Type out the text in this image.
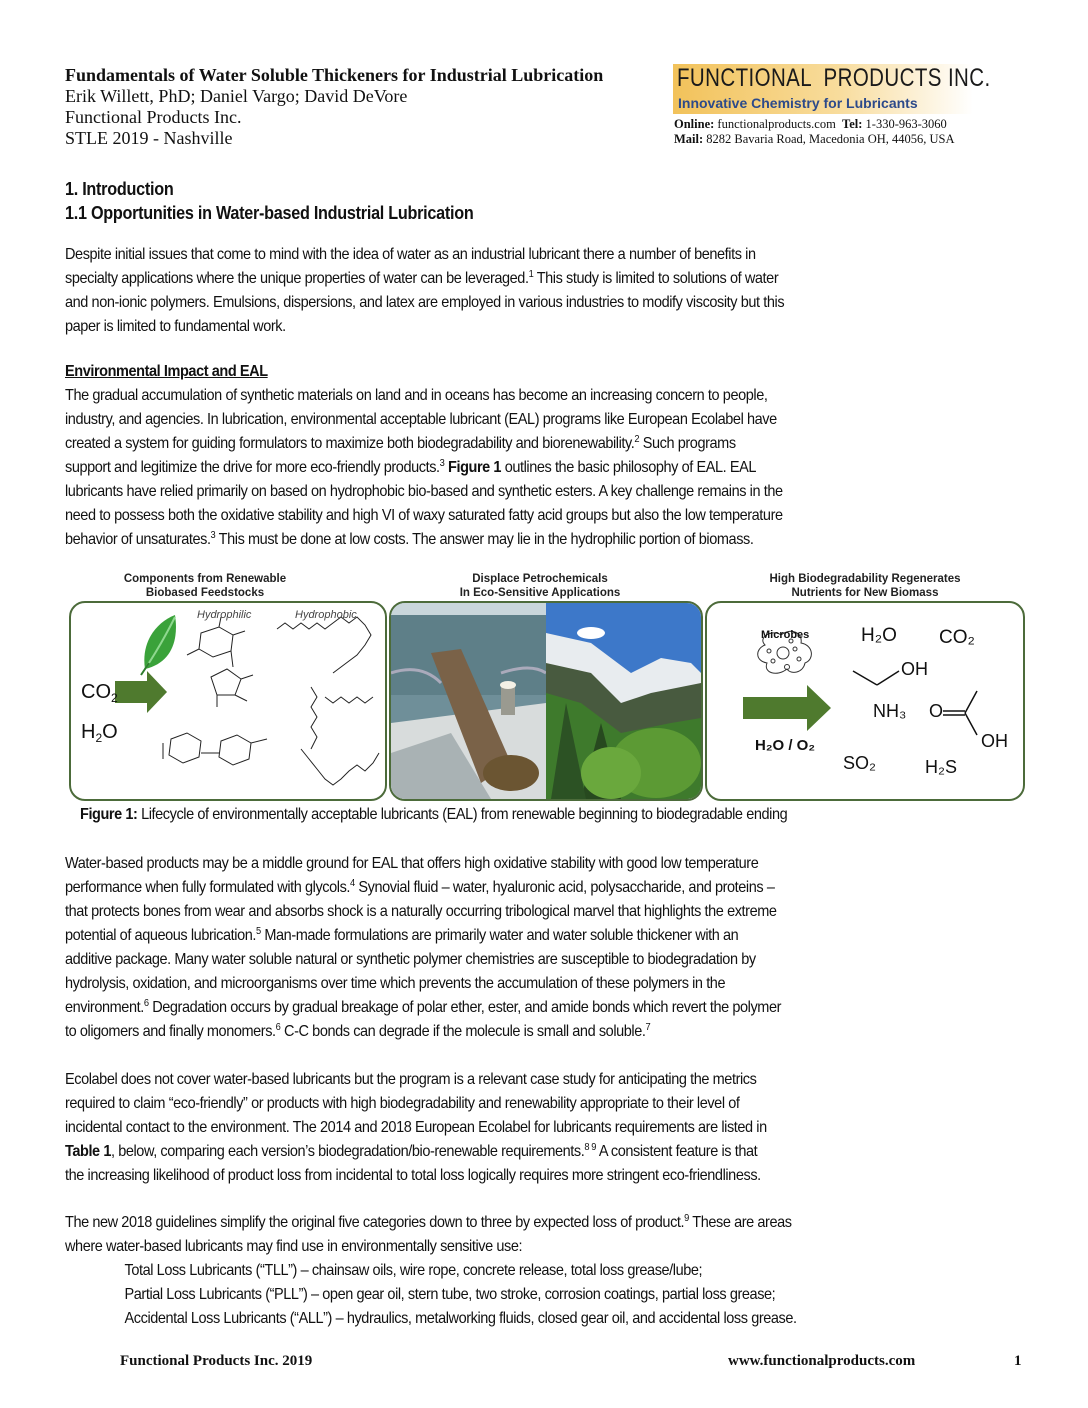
Fundamentals of Water Soluble Thickeners for Industrial Lubrication
Erik Willett, PhD; Daniel Vargo; David DeVore
Functional Products Inc.
STLE 2019 - Nashville
FUNCTIONAL  PRODUCTS INC.
Innovative Chemistry for Lubricants
Online: functionalproducts.com Tel: 1-330-963-3060
Mail: 8282 Bavaria Road, Macedonia OH, 44056, USA
1. Introduction
1.1 Opportunities in Water-based Industrial Lubrication
Despite initial issues that come to mind with the idea of water as an industrial lubricant there a number of benefits in
specialty applications where the unique properties of water can be leveraged.$^1$ This study is limited to solutions of water
and non-ionic polymers. Emulsions, dispersions, and latex are employed in various industries to modify viscosity but this
paper is limited to fundamental work.
Environmental Impact and EAL
The gradual accumulation of synthetic materials on land and in oceans has become an increasing concern to people,
industry, and agencies. In lubrication, environmental acceptable lubricant (EAL) programs like European Ecolabel have
created a system for guiding formulators to maximize both biodegradability and biorenewability.$^2$ Such programs
support and legitimize the drive for more eco-friendly products.$^3$ Figure 1 outlines the basic philosophy of EAL. EAL
lubricants have relied primarily on based on hydrophobic bio-based and synthetic esters. A key challenge remains in the
need to possess both the oxidative stability and high VI of waxy saturated fatty acid groups but also the low temperature
behavior of unsaturates.$^3$ This must be done at low costs. The answer may lie in the hydrophilic portion of biomass.
Components from Renewable
Biobased Feedstocks
$CO_2$
$H_2O$
Hydrophilic	Hydrophobic
Displace Petrochemicals
In Eco-Sensitive Applications
High Biodegradability Regenerates
Nutrients for New Biomass
Microbes	H₂O CO₂
OH
NH₃ O
OH
H₂O / O₂
SO₂	H₂S
Figure 1: Lifecycle of environmentally acceptable lubricants (EAL) from renewable beginning to biodegradable ending
Water-based products may be a middle ground for EAL that offers high oxidative stability with good low temperature
performance when fully formulated with glycols.$^4$ Synovial fluid – water, hyaluronic acid, polysaccharide, and proteins –
that protects bones from wear and absorbs shock is a naturally occurring tribological marvel that highlights the extreme
potential of aqueous lubrication.$^5$ Man-made formulations are primarily water and water soluble thickener with an
additive package. Many water soluble natural or synthetic polymer chemistries are susceptible to biodegradation by
hydrolysis, oxidation, and microorganisms over time which prevents the accumulation of these polymers in the
environment.$^6$ Degradation occurs by gradual breakage of polar ether, ester, and amide bonds which revert the polymer
to oligomers and finally monomers.$^6$ C-C bonds can degrade if the molecule is small and soluble.$^7$
Ecolabel does not cover water-based lubricants but the program is a relevant case study for anticipating the metrics
required to claim “eco-friendly” or products with high biodegradability and renewability appropriate to their level of
incidental contact to the environment. The 2014 and 2018 European Ecolabel for lubricants requirements are listed in
Table 1, below, comparing each version’s biodegradation/bio-renewable requirements.$^{8 9}$ A consistent feature is that
the increasing likelihood of product loss from incidental to total loss logically requires more stringent eco-friendliness.
The new 2018 guidelines simplify the original five categories down to three by expected loss of product.$^9$ These are areas
where water-based lubricants may find use in environmentally sensitive use:
Total Loss Lubricants (“TLL”) – chainsaw oils, wire rope, concrete release, total loss grease/lube;
Partial Loss Lubricants (“PLL”) – open gear oil, stern tube, two stroke, corrosion coatings, partial loss grease;
Accidental Loss Lubricants (“ALL”) – hydraulics, metalworking fluids, closed gear oil, and accidental loss grease.
Functional Products Inc. 2019	www.functionalproducts.com	1
